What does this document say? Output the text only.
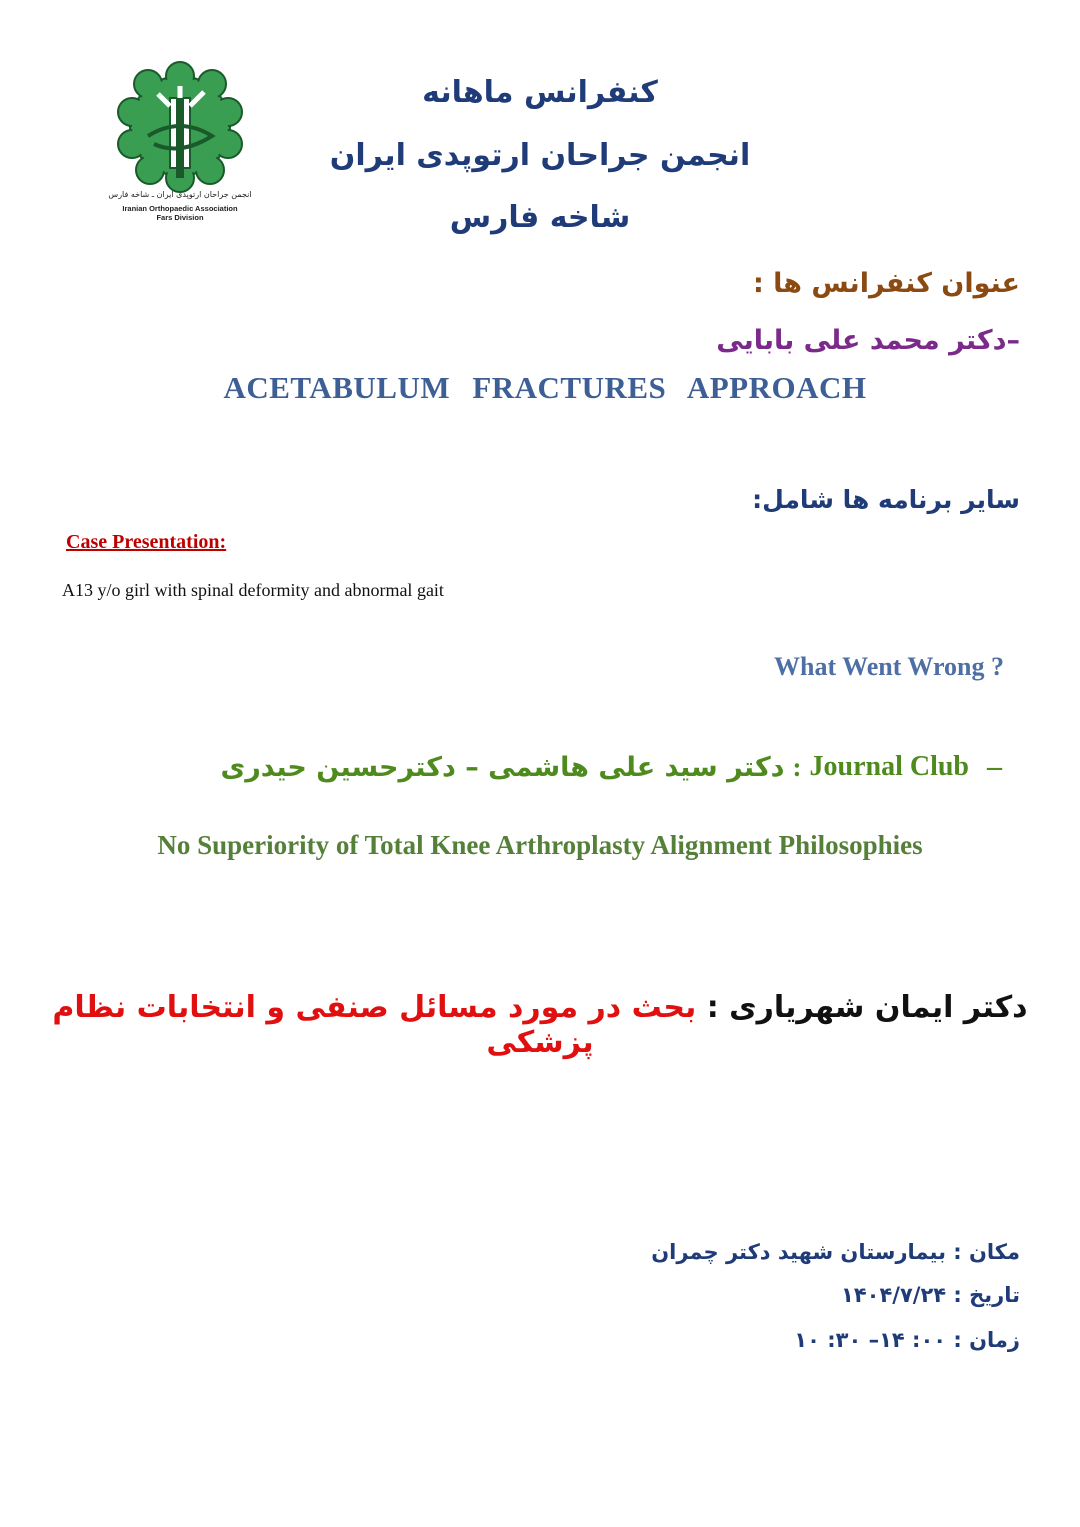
انجمن جراحان ارتوپدی ایران ـ شاخه فارس
Iranian Orthopaedic Association
Fars Division
کنفرانس ماهانه
انجمن جراحان ارتوپدی ایران
شاخه فارس
عنوان کنفرانس ها :
–دکتر محمد علی بابایی
ACETABULUM FRACTURES APPROACH
سایر برنامه ها شامل:
Case Presentation:
A13 y/o girl with spinal deformity and abnormal gait
What Went Wrong ?
دکتر سید علی هاشمی – دکترحسین حیدری : Journal Club –
No Superiority of Total Knee Arthroplasty Alignment Philosophies
دکتر ایمان شهریاری : بحث در مورد مسائل صنفی و انتخابات نظام پزشکی
مکان : بیمارستان شهید دکتر چمران
تاریخ : ۱۴۰۴/۷/۲۴
زمان : ۰۰: ۱۴– ۳۰: ۱۰
